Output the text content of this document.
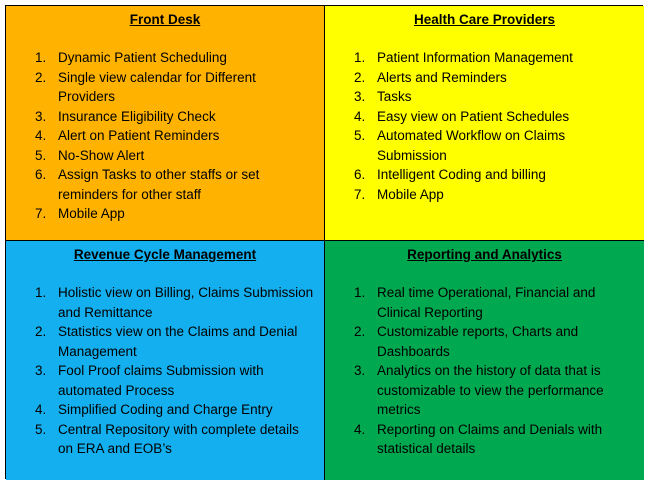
Front Desk
1. Dynamic Patient Scheduling
2. Single view calendar for Different Providers
3. Insurance Eligibility Check
4. Alert on Patient Reminders
5. No-Show Alert
6. Assign Tasks to other staffs or set reminders for other staff
7. Mobile App
Health Care Providers
1. Patient Information Management
2. Alerts and Reminders
3. Tasks
4. Easy view on Patient Schedules
5. Automated Workflow on Claims Submission
6. Intelligent Coding and billing
7. Mobile App
Revenue Cycle Management
1. Holistic view on Billing, Claims Submission and Remittance
2. Statistics view on the Claims and Denial Management
3. Fool Proof claims Submission with automated Process
4. Simplified Coding and Charge Entry
5. Central Repository with complete details on ERA and EOB’s
Reporting and Analytics
1. Real time Operational, Financial and Clinical Reporting
2. Customizable reports, Charts and Dashboards
3. Analytics on the history of data that is customizable to view the performance metrics
4. Reporting on Claims and Denials with statistical details
